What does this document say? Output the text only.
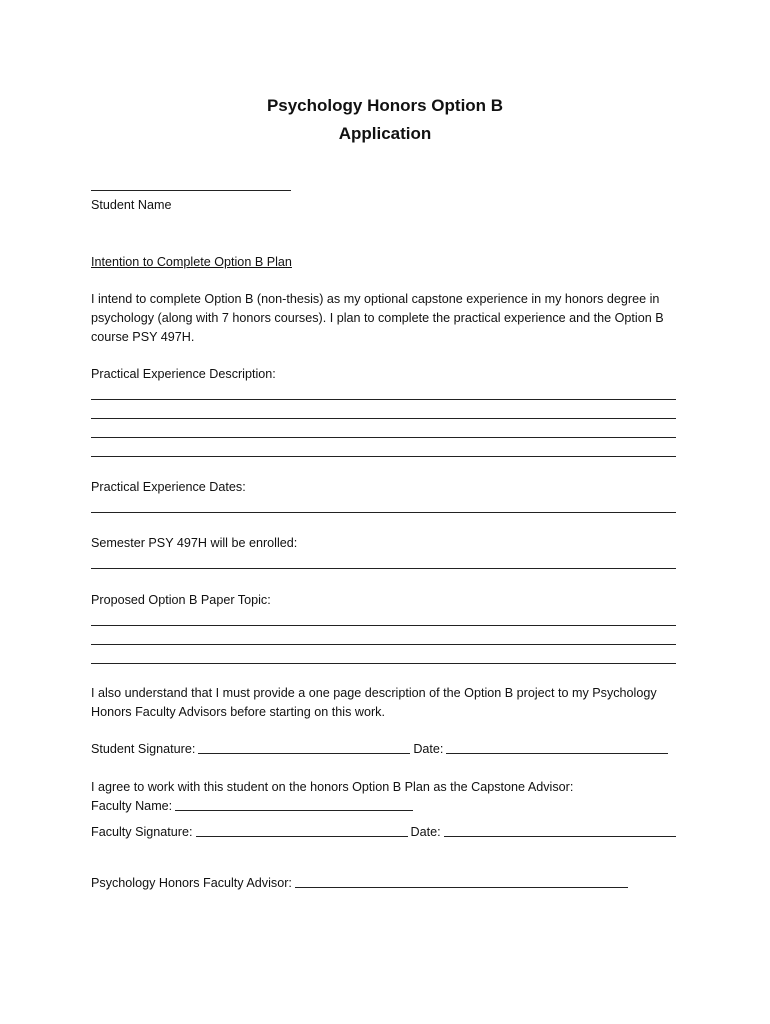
Psychology Honors Option B
Application
Student Name
Intention to Complete Option B Plan
I intend to complete Option B (non-thesis) as my optional capstone experience in my honors degree in
psychology (along with 7 honors courses). I plan to complete the practical experience and the Option B
course PSY 497H.
Practical Experience Description:
Practical Experience Dates:
Semester PSY 497H will be enrolled:
Proposed Option B Paper Topic:
I also understand that I must provide a one page description of the Option B project to my Psychology
Honors Faculty Advisors before starting on this work.
Student Signature:	Date:
I agree to work with this student on the honors Option B Plan as the Capstone Advisor:
Faculty Name:
Faculty Signature:	Date:
Psychology Honors Faculty Advisor:
